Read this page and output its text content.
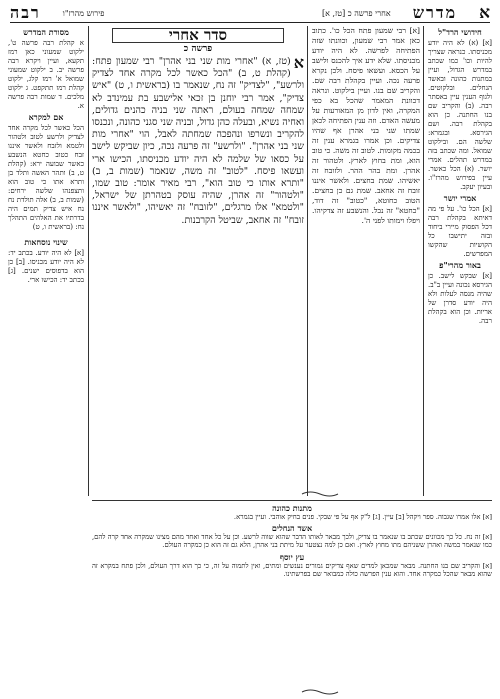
א
מדרש
אחרי פרשה כ [טז, א]
פירוש מהרז"ו
רבה
חידושי הרד"ל

[א] (א) לא היה יודע מכניסתו. כנראה שצריך להיות וכו' כמו שכתב במדרש הגדול, ועיין במתנות כהונה ובאשד הנחלים. ובלקוטים. ולגוף הענין עיין באסתר רבה. (ב) והקריב שם בנו החתנה. כן הוא בקהלת רבה. ושם הגירסא. ובגמרא: שלשה הם. ובילקוט שמואל. ומה שכתב בזה במדרש תהלים. אמרי יושר. (א) הכל כאשר. עיין בפירוש מהרז"ו. ובעיון יעקב.

אמרי יושר

[א] הכל כו'. על פי מה דאיתא בקהלת רבה דכל הפסוק מיירי ביחוד ובזה יתישבו כל הקושיות שהקשו המפרשים.

באור מהרי"פ

[א] שבקש לישב. כן הגירסא נכונה ועיין ב"ב. שהיה מנסה לעלות ולא היה יודע סדרן של אריות. וכן הוא בקהלת רבה.

[א] רבי שמעון פתח הכל כו'. כתוב כאן אמר רבי שמעון, וכוונתו שזה הפתיחה לפרשה. לא היה יודע מכניסתו. שלא ידע איך להכנס ולישב על הכסא. ועשאו פיסח. ולכן נקרא פרעה נכה. ועיין בקהלת רבה שם. והקריב שם בנו. ועיין בילקוט. ונראה דכוונת המאמר שהכל בא כפי המקרה, ואין לדון מן המאורעות על מעשה האדם. וזה ענין הפתיחה לכאן שמתו שני בני אהרן אף שהיו צדיקים. וכן אמרו בגמרא ענין זה בכמה מקומות. לטוב זה משה. כי טוב הוא, ומת בחוץ לארץ. ולטהור זה אהרן. ומת בהר ההר. ולזובח זה יאשיהו. שמת בחצים. ולאשר איננו זובח זה אחאב. שמת גם כן בחצים. הטוב כחוטא, "כטוב" זה דוד, "כחטא" זה נבל. והנשבע זה צדקיהו. ויפלו וימותו לפני ה'.

סדר אחרי
פרשה כ
א
(טז, א) "אחרי מות שני בני אהרן" רבי שמעון פתח: (קהלת ט, ב) "הכל כאשר לכל מקרה אחד לצדיק ולרשע", "לצדיק" זה נח, שנאמר בו (בראשית ו, ט) "איש צדיק", אמר רבי יוחנן בן זכאי אלישבע בת עמינדב לא שמחה שמחה בעולם, ראתה שני בניה כהנים גדולים, ואחיה נשיא, ובעלה כהן גדול, ובניה שני סגני כהונה, ונכנסו להקריב ונשרפו ונהפכה שמחתה לאבל, הוי "אחרי מות שני בני אהרן". "ולרשע" זה פרעה נכה, כיון שביקש לישב על כסאו של שלמה לא היה יודע מכניסתו, הכישו ארי ועשאו פיסח. "לטוב" זה משה, שנאמר (שמות ב, ב) "ותרא אותו כי טוב הוא", רבי מאיר אומר: טוב שמו, "ולטהור" זה אהרן, שהיה עוסק בטהרתן של ישראל, "ולטמא" אלו מרגלים, "לזובח" זה יאשיהו, "ולאשר איננו זובח" זה אחאב, שביטל הקרבנות.
מסורת המדרש

א קהלת רבה פרשה ט', ילקוט שמעוני כאן רמז תקעא, ועיין ויקרא רבה פרשה יב. ב ילקוט שמעוני שמואל א' רמז קלג, ילקוט קהלת רמז תתקפט. ג ילקוט מלכים. ד שמות רבה פרשה א.

אם למקרא

הכל כאשר לכל מקרה אחד לצדיק ולרשע לטוב ולטהור ולטמא ולזבח ולאשר איננו זבח כטוב כחטא הנשבע כאשר שבועה ירא: (קהלת ט, ב) ותהר האשה ותלד בן ותרא אתו כי טוב הוא ותצפנהו שלשה ירחים: (שמות ב, ב) אלה תולדת נח נח איש צדיק תמים היה בדרתיו את האלהים התהלך נח: (בראשית ו, ט)

שינוי נוסחאות

[א] לא היה יודע. בכתב יד: לא היה יודע מכניסו. [ב] כן הוא בדפוסים ישנים. [ג] בכתב יד: הכישו ארי.

מתנות כהונה

[א] אלו אמרו שגבוה. ספר ויקהל [ב] עיין. [ג] ל"ק אף על פי שבקי. פנים בחיק אוהבי. ועיין בגמרא.

אשד הנחלים

[א] זה נח. כל כך מכוונים שכתב בו שנאמר בו צדיק, ולכך מבאר לאותו הדבר שהוא שווה לרשע. וכן על כל אחד ואחד מהם מצינו שמקרה אחד קרה להם, כמו שנאמר במשה ואהרן ששניהם מתו מחוץ לארץ. ואם כן למה נצטער על מיתת בני אהרן, הלא גם זה הוא כן כמקרה העולם.

עץ יוסף

[א] והקריב שם בנו החתנה. מבאר שמכאן למדים שאף צדיקים גמורים נענשים ומתים, ואין לתמוה על זה, כי כך הוא דרך העולם, ולכן פתח במקרא זה שהוא מבאר שהכל כמקרה אחד. והוא ענין הפרשה כולה כמבואר שם בפרשתינו.
